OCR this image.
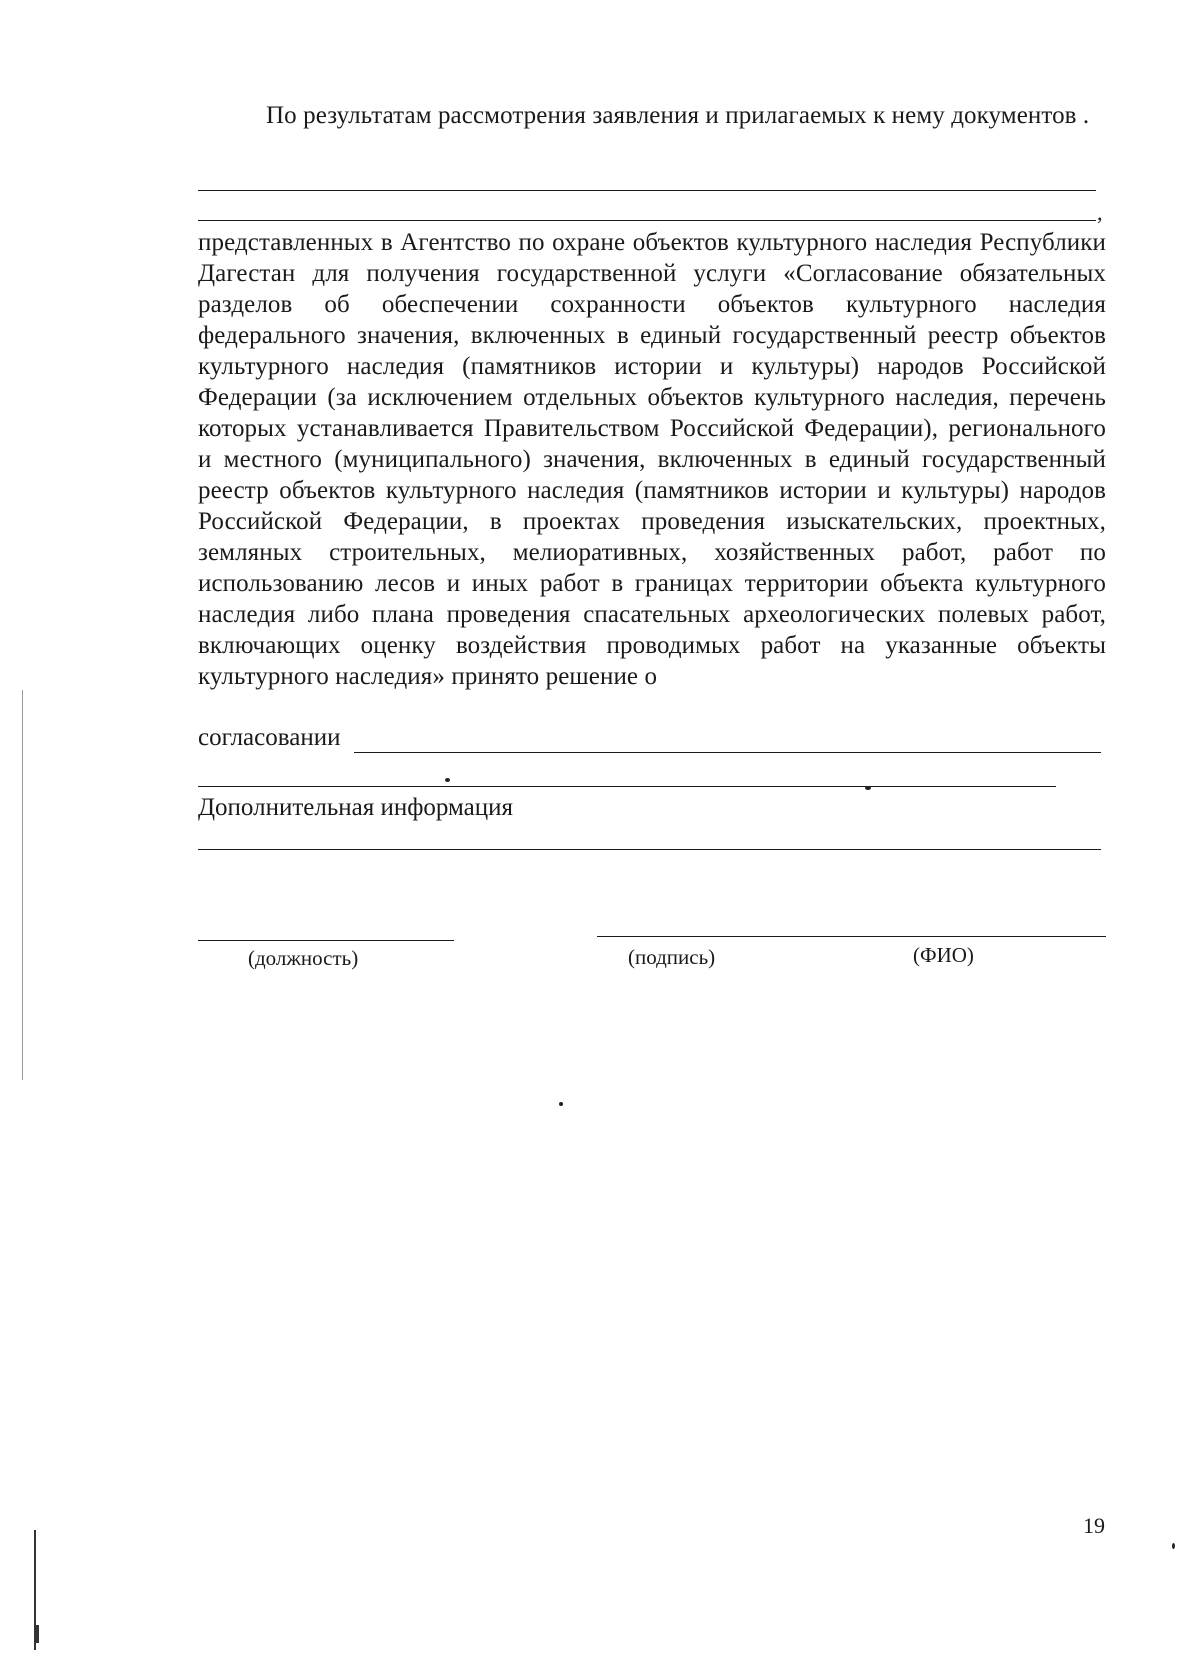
По результатам рассмотрения заявления и прилагаемых к нему документов .
,
представленных в Агентство по охране объектов культурного наследия Республики Дагестан для получения государственной услуги «Согласование обязательных разделов об обеспечении сохранности объектов культурного наследия федерального значения, включенных в единый государственный реестр объектов культурного наследия (памятников истории и культуры) народов Российской Федерации (за исключением отдельных объектов культурного наследия, перечень которых устанавливается Правительством Российской Федерации), регионального и местного (муниципального) значения, включенных в единый государственный реестр объектов культурного наследия (памятников истории и культуры) народов Российской Федерации, в проектах проведения изыскательских, проектных, земляных строительных, мелиоративных, хозяйственных работ, работ по использованию лесов и иных работ в границах территории объекта культурного наследия либо плана проведения спасательных археологических полевых работ, включающих оценку воздействия проводимых работ на указанные объекты культурного наследия» принято решение о
согласовании
Дополнительная информация
(должность)	(подпись)	(ФИО)
19
